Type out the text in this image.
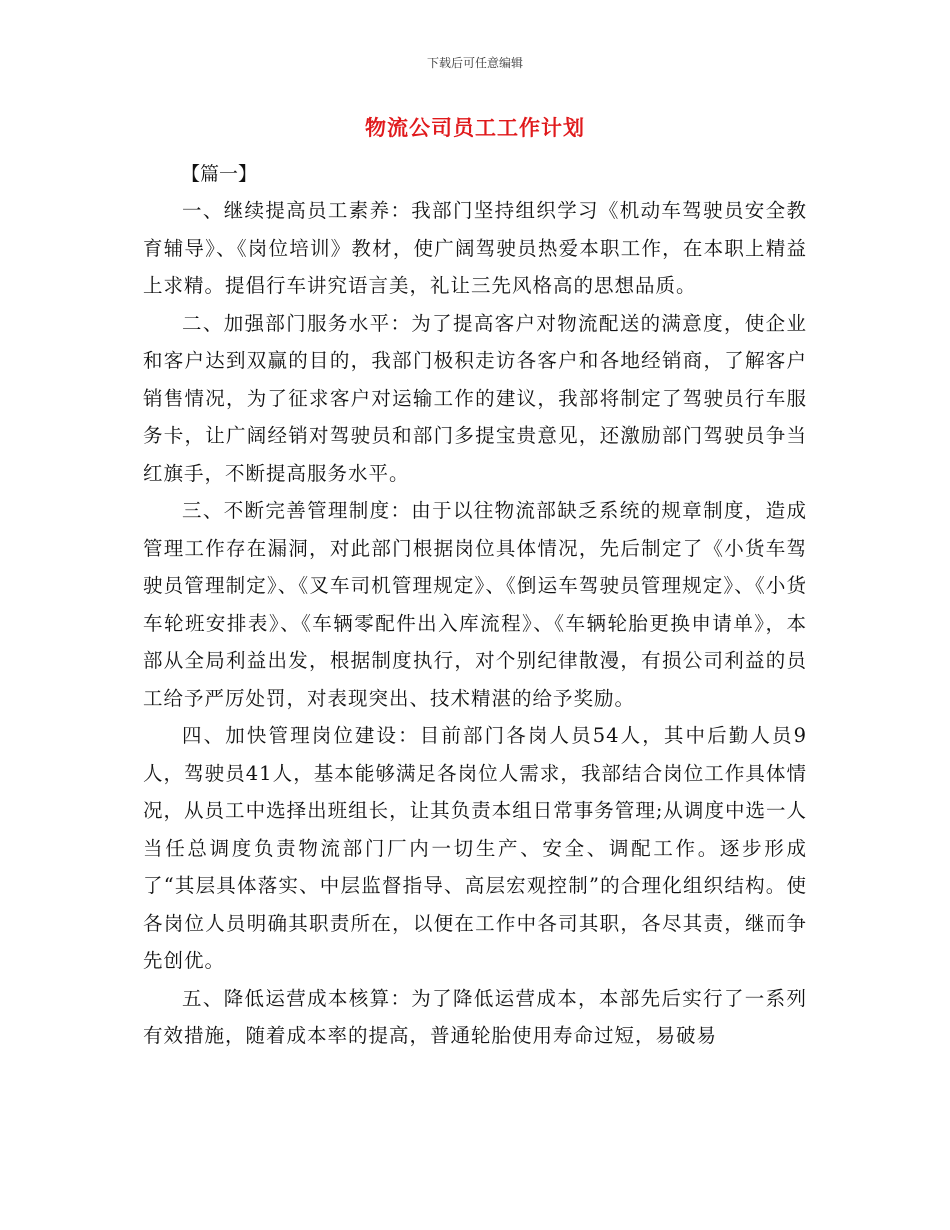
下载后可任意编辑
物流公司员工工作计划

【篇一】

一、继续提高员工素养：我部门坚持组织学习《机动车驾驶员安全教育辅导》、《岗位培训》教材，使广阔驾驶员热爱本职工作，在本职上精益上求精。提倡行车讲究语言美，礼让三先风格高的思想品质。

二、加强部门服务水平：为了提高客户对物流配送的满意度，使企业和客户达到双赢的目的，我部门极积走访各客户和各地经销商，了解客户销售情况，为了征求客户对运输工作的建议，我部将制定了驾驶员行车服务卡，让广阔经销对驾驶员和部门多提宝贵意见，还激励部门驾驶员争当红旗手，不断提高服务水平。

三、不断完善管理制度：由于以往物流部缺乏系统的规章制度，造成管理工作存在漏洞，对此部门根据岗位具体情况，先后制定了《小货车驾驶员管理制定》、《叉车司机管理规定》、《倒运车驾驶员管理规定》、《小货车轮班安排表》、《车辆零配件出入库流程》、《车辆轮胎更换申请单》，本部从全局利益出发，根据制度执行，对个别纪律散漫，有损公司利益的员工给予严厉处罚，对表现突出、技术精湛的给予奖励。

四、加快管理岗位建设：目前部门各岗人员54人，其中后勤人员9人，驾驶员41人，基本能够满足各岗位人需求，我部结合岗位工作具体情况，从员工中选择出班组长，让其负责本组日常事务管理;从调度中选一人当任总调度负责物流部门厂内一切生产、安全、调配工作。逐步形成了“其层具体落实、中层监督指导、高层宏观控制”的合理化组织结构。使各岗位人员明确其职责所在，以便在工作中各司其职，各尽其责，继而争先创优。

五、降低运营成本核算：为了降低运营成本，本部先后实行了一系列有效措施，随着成本率的提高，普通轮胎使用寿命过短，易破易
